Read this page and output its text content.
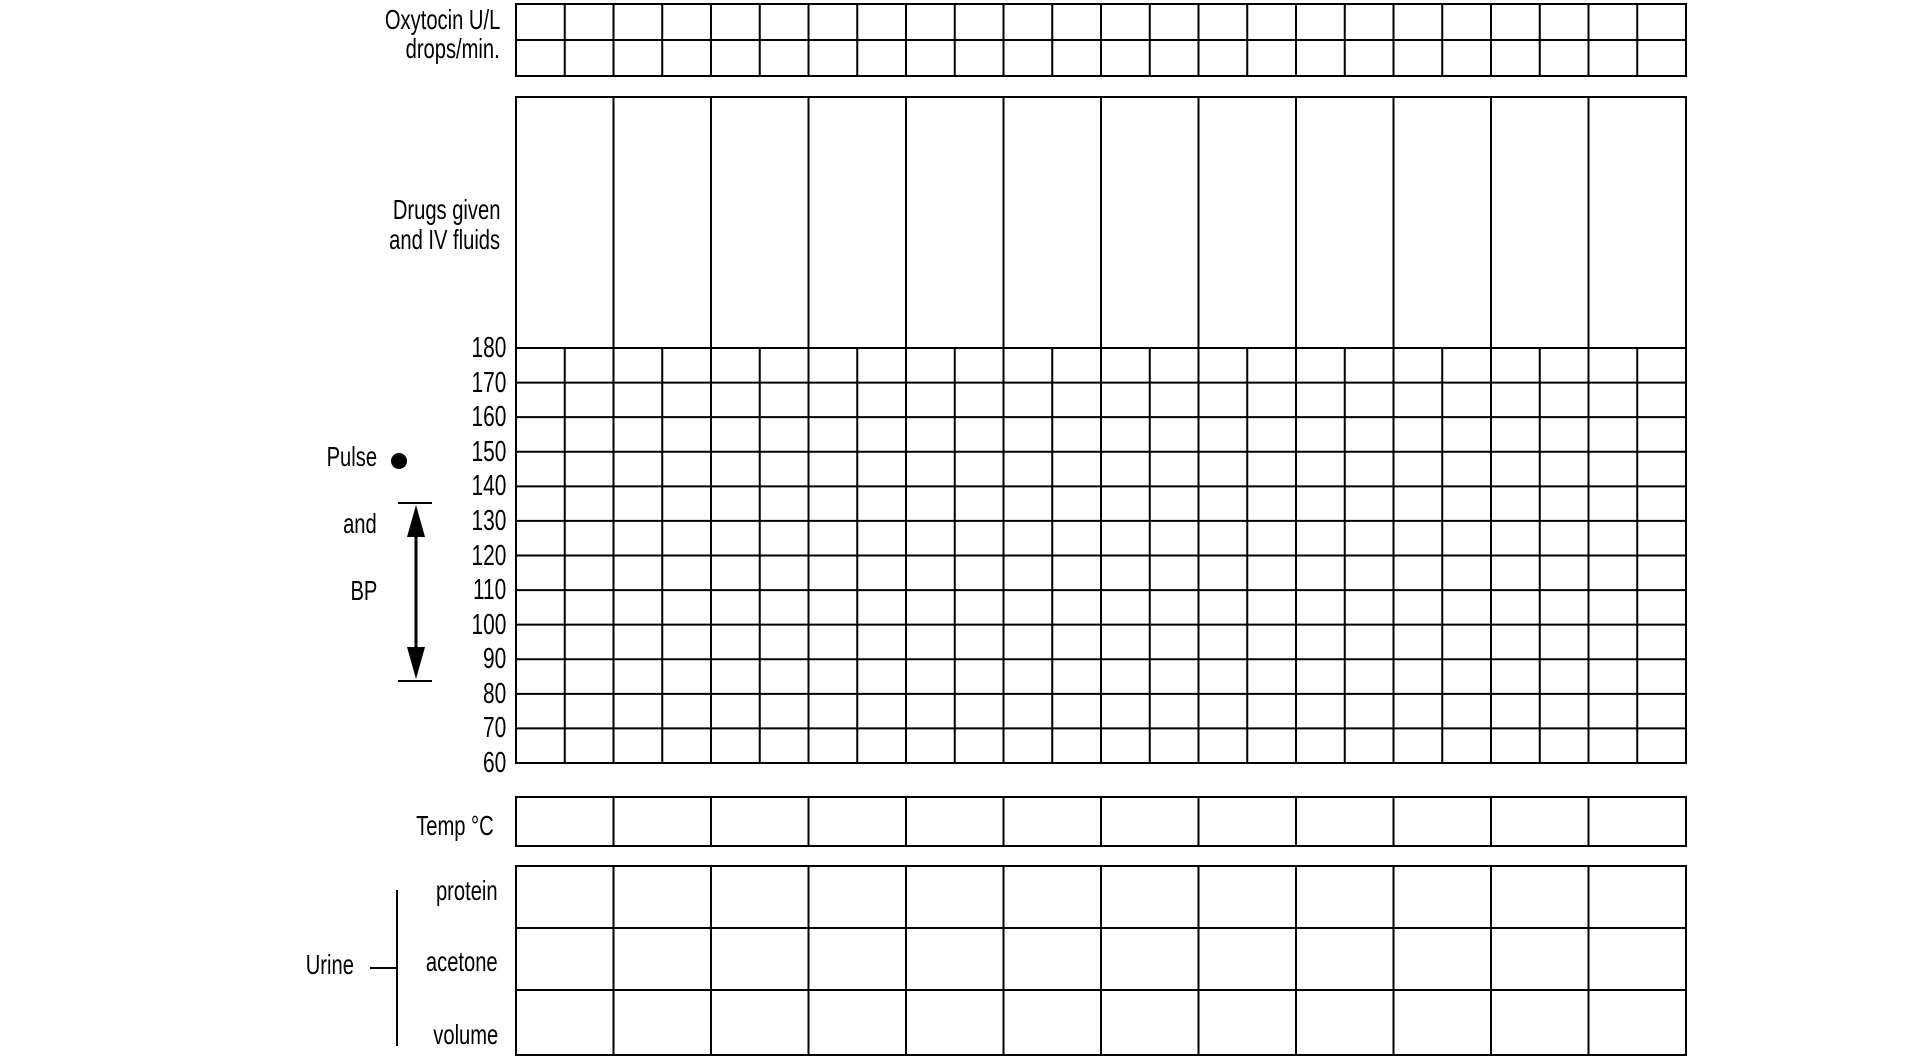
Oxytocin U/L
drops/min.
Drugs given
and IV fluids
Pulse
and
BP
Temp °C
protein
acetone
volume
Urine
180
170
160
150
140
130
120
110
100
90
80
70
60
